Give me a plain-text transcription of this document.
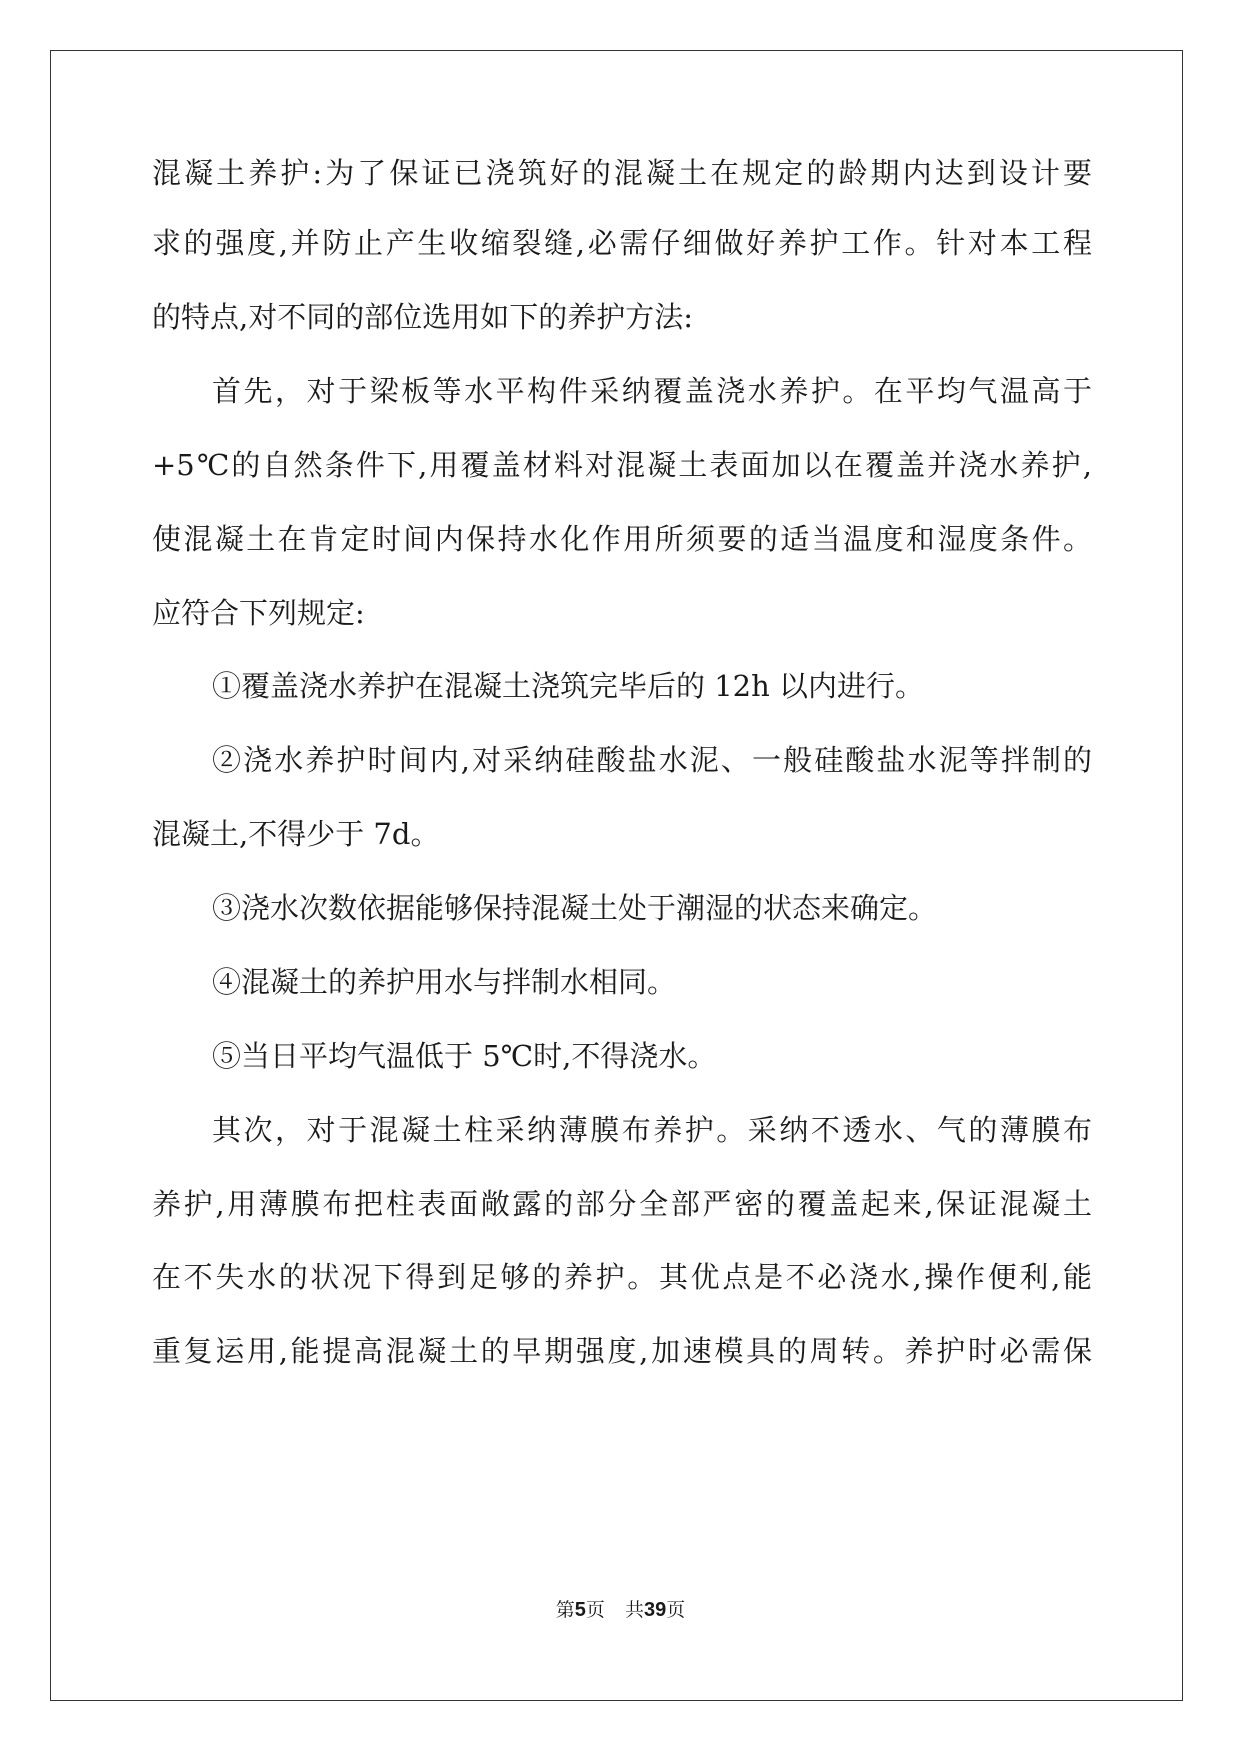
混凝土养护:为了保证已浇筑好的混凝土在规定的龄期内达到设计要
求的强度,并防止产生收缩裂缝,必需仔细做好养护工作。针对本工程
的特点,对不同的部位选用如下的养护方法:
首先，对于梁板等水平构件采纳覆盖浇水养护。在平均气温高于
+5℃的自然条件下,用覆盖材料对混凝土表面加以在覆盖并浇水养护,
使混凝土在肯定时间内保持水化作用所须要的适当温度和湿度条件。
应符合下列规定:
①覆盖浇水养护在混凝土浇筑完毕后的 12h 以内进行。
②浇水养护时间内,对采纳硅酸盐水泥、一般硅酸盐水泥等拌制的
混凝土,不得少于 7d。
③浇水次数依据能够保持混凝土处于潮湿的状态来确定。
④混凝土的养护用水与拌制水相同。
⑤当日平均气温低于 5℃时,不得浇水。
其次，对于混凝土柱采纳薄膜布养护。采纳不透水、气的薄膜布
养护,用薄膜布把柱表面敞露的部分全部严密的覆盖起来,保证混凝土
在不失水的状况下得到足够的养护。其优点是不必浇水,操作便利,能
重复运用,能提高混凝土的早期强度,加速模具的周转。养护时必需保
第5页 共39页
